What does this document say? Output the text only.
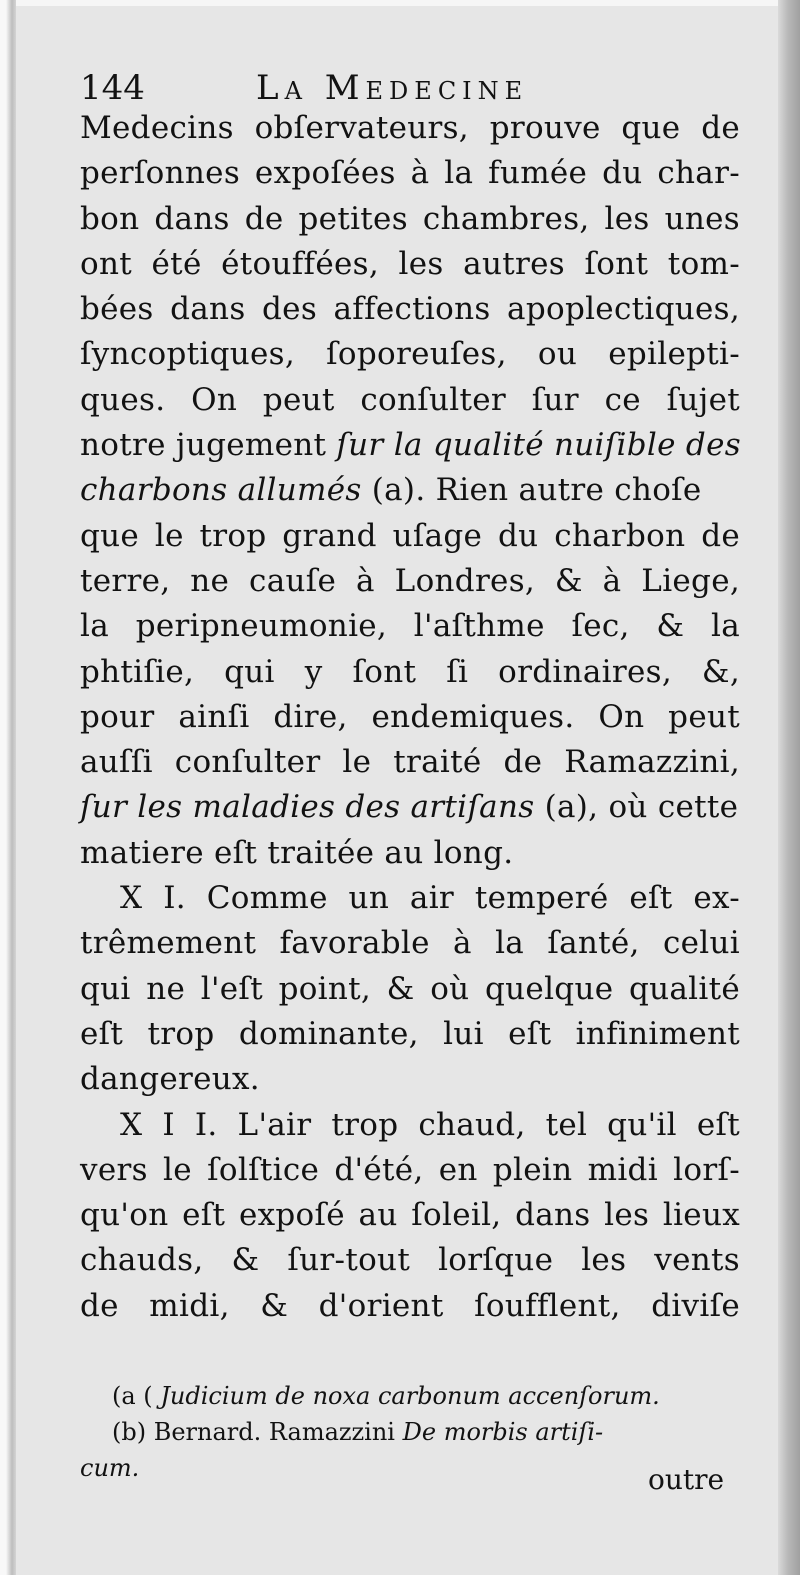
144	La Medecine
Medecins obſervateurs, prouve que de
perſonnes expoſées à la fumée du char-
bon dans de petites chambres, les unes
ont été étouffées, les autres ſont tom-
bées dans des affections apoplectiques,
ſyncoptiques, ſoporeuſes, ou epilepti-
ques. On peut conſulter ſur ce ſujet
notre jugement ſur la qualité nuiſible des
charbons allumés (a). Rien autre choſe
que le trop grand uſage du charbon de
terre, ne cauſe à Londres, & à Liege,
la peripneumonie, l'aſthme ſec, & la
phtiſie, qui y ſont ſi ordinaires, &,
pour ainſi dire, endemiques. On peut
auſſi conſulter le traité de Ramazzini,
ſur les maladies des artiſans (a), où cette
matiere eſt traitée au long.
X I. Comme un air temperé eſt ex-
trêmement favorable à la ſanté, celui
qui ne l'eſt point, & où quelque qualité
eſt trop dominante, lui eſt infiniment
dangereux.
X I I. L'air trop chaud, tel qu'il eſt
vers le ſolſtice d'été, en plein midi lorſ-
qu'on eſt expoſé au ſoleil, dans les lieux
chauds, & ſur-tout lorſque les vents
de midi, & d'orient ſoufflent, diviſe
(a ( Judicium de noxa carbonum accenſorum.
(b) Bernard. Ramazzini De morbis artiſi-
cum.	outre
